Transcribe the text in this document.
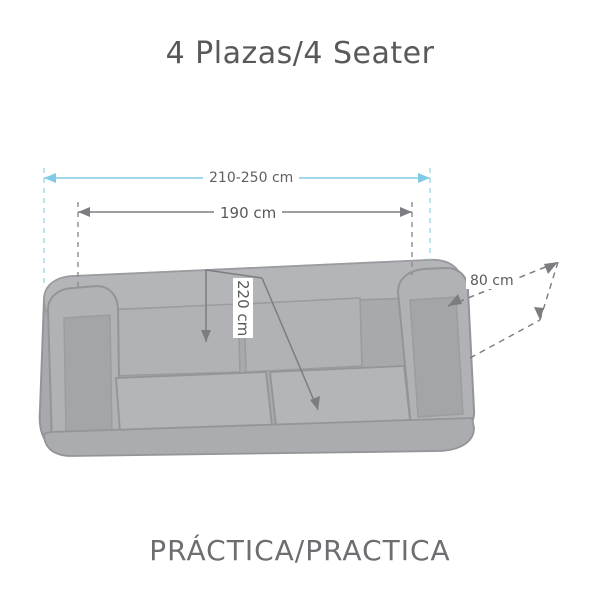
4 Plazas/4 Seater
210-250 cm
190 cm
220 cm	80 cm
PRÁCTICA/PRACTICA
